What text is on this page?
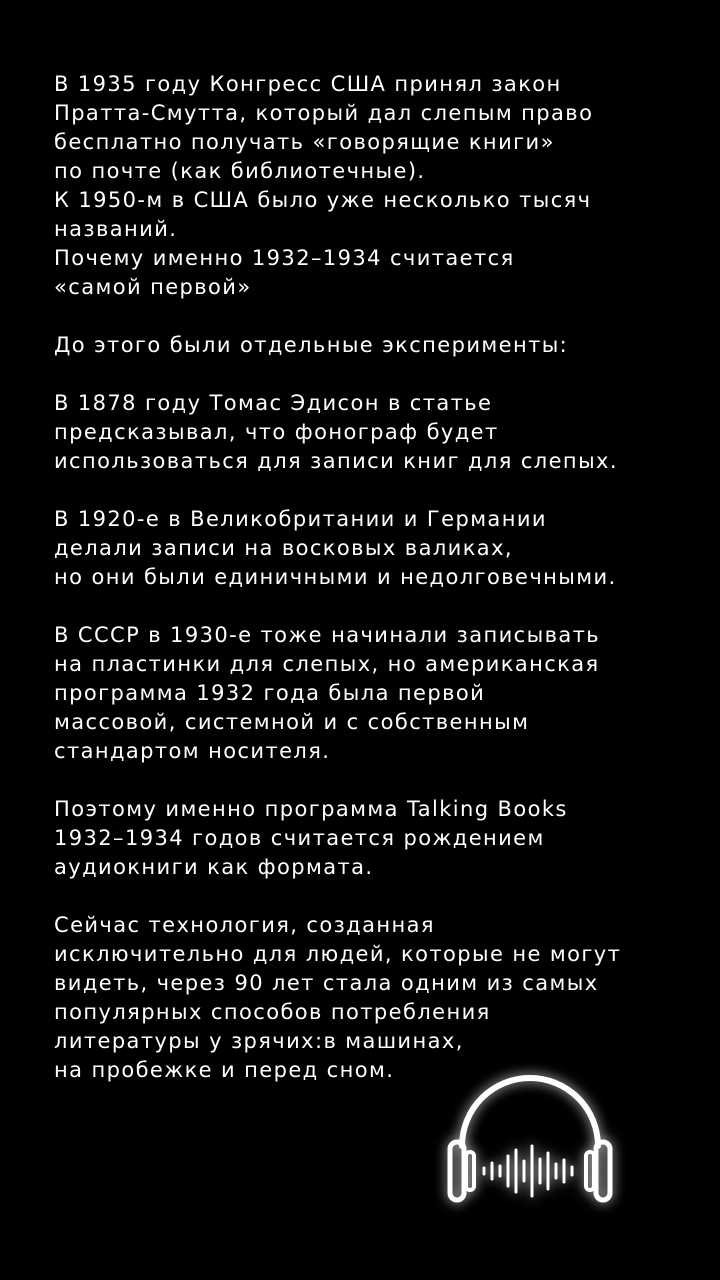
В 1935 году Конгресс США принял закон
Пратта-Смутта, который дал слепым право
бесплатно получать «говорящие книги»
по почте (как библиотечные).
К 1950-м в США было уже несколько тысяч
названий.
Почему именно 1932–1934 считается
«самой первой»
До этого были отдельные эксперименты:
В 1878 году Томас Эдисон в статье
предсказывал, что фонограф будет
использоваться для записи книг для слепых.
В 1920-е в Великобритании и Германии
делали записи на восковых валиках,
но они были единичными и недолговечными.
В СССР в 1930-е тоже начинали записывать
на пластинки для слепых, но американская
программа 1932 года была первой
массовой, системной и с собственным
стандартом носителя.
Поэтому именно программа Talking Books
1932–1934 годов считается рождением
аудиокниги как формата.
Сейчас технология, созданная
исключительно для людей, которые не могут
видеть, через 90 лет стала одним из самых
популярных способов потребления
литературы у зрячих:в машинах,
на пробежке и перед сном.
